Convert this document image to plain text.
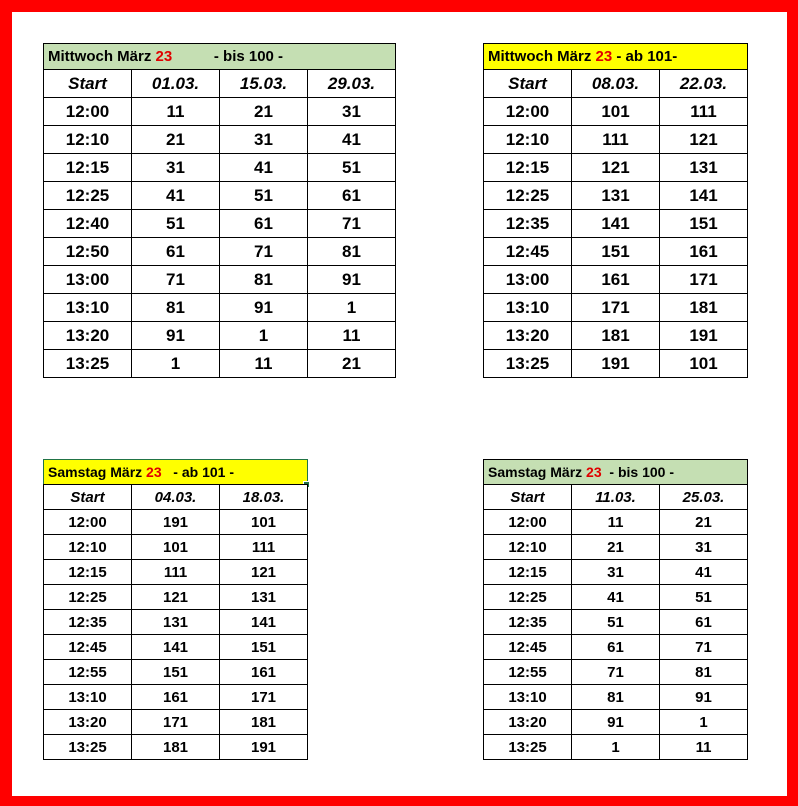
Mittwoch März 23 - bis 100 -
Start	01.03.	15.03.	29.03.
12:00	11	21	31
12:10	21	31	41
12:15	31	41	51
12:25	41	51	61
12:40	51	61	71
12:50	61	71	81
13:00	71	81	91
13:10	81	91	1
13:20	91	1	11
13:25	1	11	21
Mittwoch März 23 - ab 101-
Start	08.03.	22.03.
12:00	101	111
12:10	111	121
12:15	121	131
12:25	131	141
12:35	141	151
12:45	151	161
13:00	161	171
13:10	171	181
13:20	181	191
13:25	191	101
Samstag März 23 - ab 101 -
Start	04.03.	18.03.
12:00	191	101
12:10	101	111
12:15	111	121
12:25	121	131
12:35	131	141
12:45	141	151
12:55	151	161
13:10	161	171
13:20	171	181
13:25	181	191
Samstag März 23 - bis 100 -
Start	11.03.	25.03.
12:00	11	21
12:10	21	31
12:15	31	41
12:25	41	51
12:35	51	61
12:45	61	71
12:55	71	81
13:10	81	91
13:20	91	1
13:25	1	11
